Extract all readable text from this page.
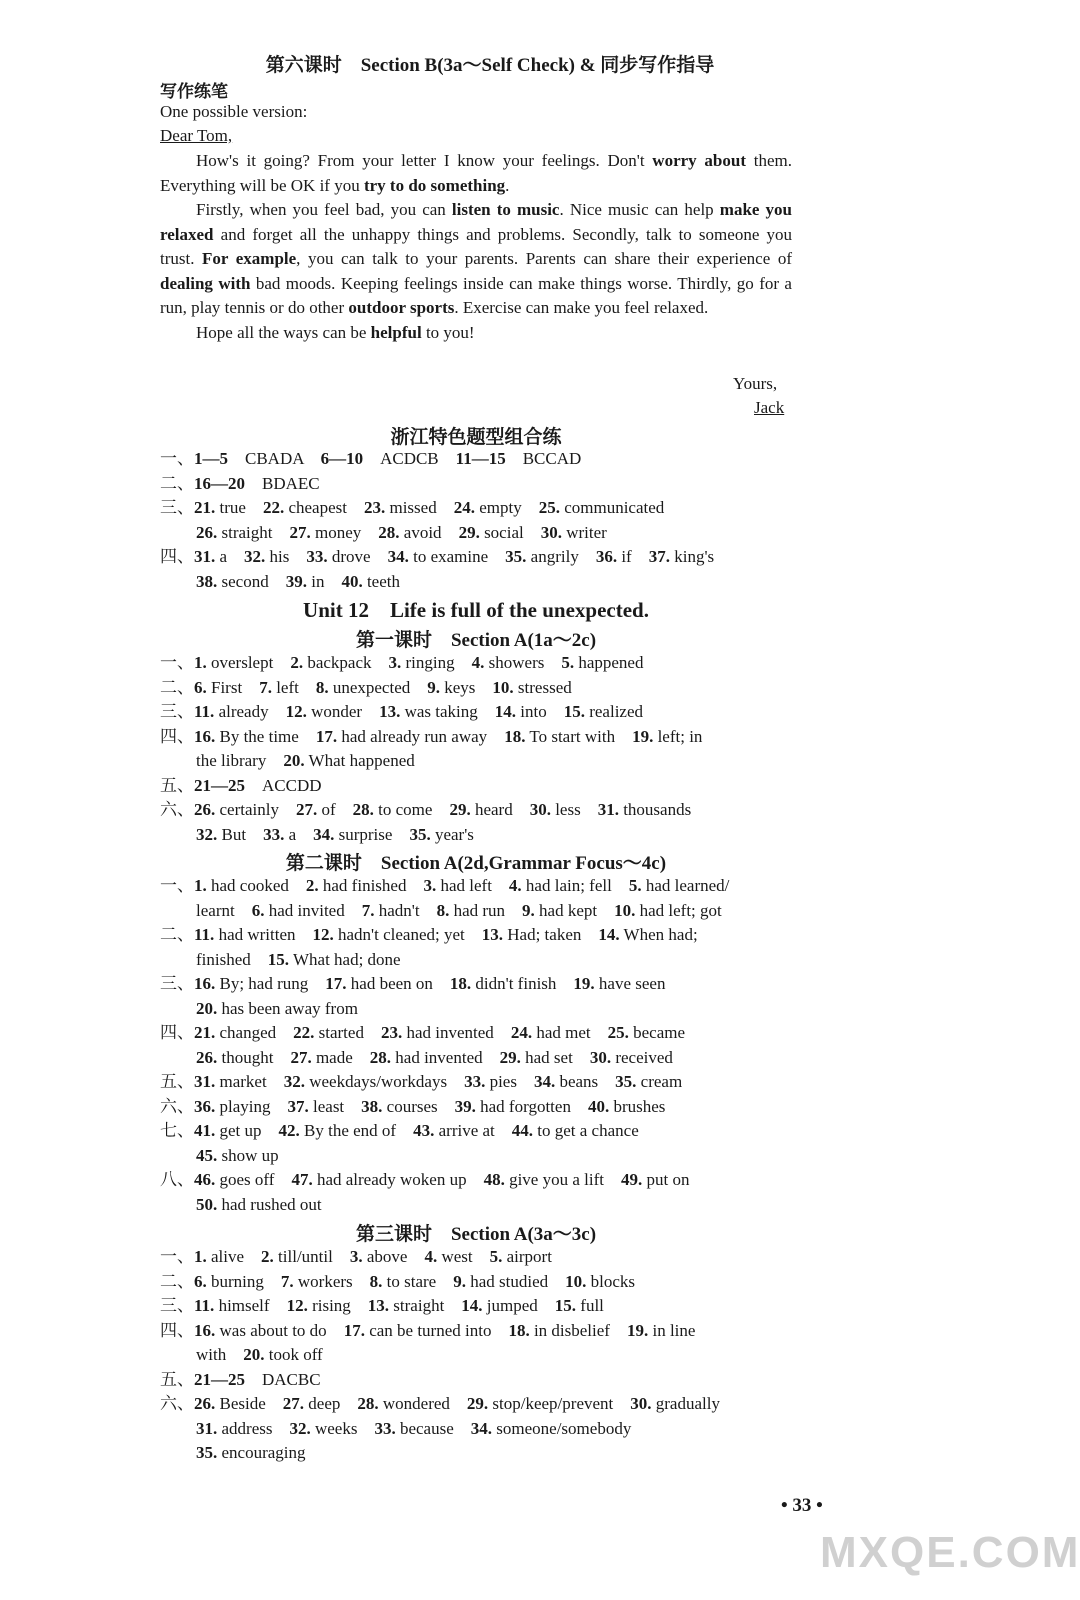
第六课时　Section B(3a～Self Check) & 同步写作指导
写作练笔
One possible version:
Dear Tom,
How's it going? From your letter I know your feelings. Don't worry about them. Everything will be OK if you try to do something.
Firstly, when you feel bad, you can listen to music. Nice music can help make you relaxed and forget all the unhappy things and problems. Secondly, talk to someone you trust. For example, you can talk to your parents. Parents can share their experience of dealing with bad moods. Keeping feelings inside can make things worse. Thirdly, go for a run, play tennis or do other outdoor sports. Exercise can make you feel relaxed.
Hope all the ways can be helpful to you!
Yours,
Jack
浙江特色题型组合练
一、1—5　CBADA　6—10　ACDCB　11—15　BCCAD
二、16—20　BDAEC
三、21. true　22. cheapest　23. missed　24. empty　25. communicated
26. straight　27. money　28. avoid　29. social　30. writer
四、31. a　32. his　33. drove　34. to examine　35. angrily　36. if　37. king's
38. second　39. in　40. teeth
Unit 12　Life is full of the unexpected.
第一课时　Section A(1a～2c)
一、1. overslept　2. backpack　3. ringing　4. showers　5. happened
二、6. First　7. left　8. unexpected　9. keys　10. stressed
三、11. already　12. wonder　13. was taking　14. into　15. realized
四、16. By the time　17. had already run away　18. To start with　19. left; in
the library　20. What happened
五、21—25　ACCDD
六、26. certainly　27. of　28. to come　29. heard　30. less　31. thousands
32. But　33. a　34. surprise　35. year's
第二课时　Section A(2d,Grammar Focus～4c)
一、1. had cooked　2. had finished　3. had left　4. had lain; fell　5. had learned/
learnt　6. had invited　7. hadn't　8. had run　9. had kept　10. had left; got
二、11. had written　12. hadn't cleaned; yet　13. Had; taken　14. When had;
finished　15. What had; done
三、16. By; had rung　17. had been on　18. didn't finish　19. have seen
20. has been away from
四、21. changed　22. started　23. had invented　24. had met　25. became
26. thought　27. made　28. had invented　29. had set　30. received
五、31. market　32. weekdays/workdays　33. pies　34. beans　35. cream
六、36. playing　37. least　38. courses　39. had forgotten　40. brushes
七、41. get up　42. By the end of　43. arrive at　44. to get a chance
45. show up
八、46. goes off　47. had already woken up　48. give you a lift　49. put on
50. had rushed out
第三课时　Section A(3a～3c)
一、1. alive　2. till/until　3. above　4. west　5. airport
二、6. burning　7. workers　8. to stare　9. had studied　10. blocks
三、11. himself　12. rising　13. straight　14. jumped　15. full
四、16. was about to do　17. can be turned into　18. in disbelief　19. in line
with　20. took off
五、21—25　DACBC
六、26. Beside　27. deep　28. wondered　29. stop/keep/prevent　30. gradually
31. address　32. weeks　33. because　34. someone/somebody
35. encouraging
• 33 •
MXQE.COM
